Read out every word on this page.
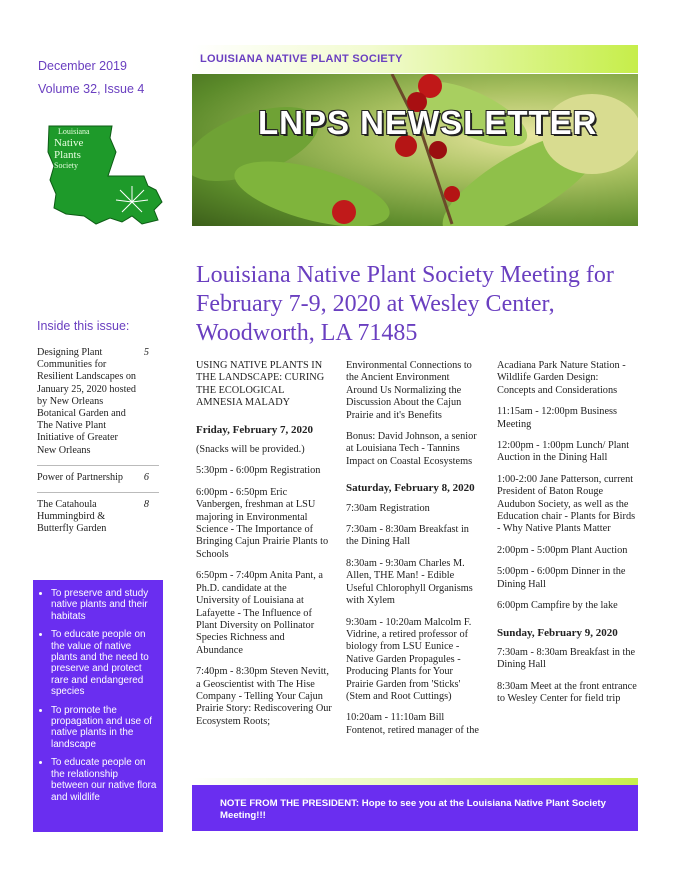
December 2019
Volume 32, Issue 4
Louisiana
Native
Plants
Society
Inside this issue:
Designing Plant Communities for Resilient Landscapes on January 25, 2020 hosted by New Orleans Botanical Garden and The Native Plant Initiative of Greater New Orleans
5
Power of Partnership	6
The Catahoula Hummingbird & Butterfly Garden
8
• To preserve and study native plants and their habitats
• To educate people on the value of native plants and the need to preserve and protect rare and endangered species
• To promote the propagation and use of native plants in the landscape
• To educate people on the relationship between our native flora and wildlife
LOUISIANA NATIVE PLANT SOCIETY
LNPS NEWSLETTER
Louisiana Native Plant Society Meeting for February 7-9, 2020 at Wesley Center, Woodworth, LA 71485

USING NATIVE PLANTS IN THE LANDSCAPE: CURING THE ECOLOGICAL AMNESIA MALADY

Friday, February 7, 2020

(Snacks will be provided.)

5:30pm - 6:00pm Registration

6:00pm - 6:50pm Eric Vanbergen, freshman at LSU majoring in Environmental Science - The Importance of Bringing Cajun Prairie Plants to Schools

6:50pm - 7:40pm Anita Pant, a Ph.D. candidate at the University of Louisiana at Lafayette - The Influence of Plant Diversity on Pollinator Species Richness and Abundance

7:40pm - 8:30pm Steven Nevitt, a Geoscientist with The Hise Company - Telling Your Cajun Prairie Story: Rediscovering Our Ecosystem Roots;

Environmental Connections to the Ancient Environment Around Us Normalizing the Discussion About the Cajun Prairie and it's Benefits

Bonus: David Johnson, a senior at Louisiana Tech - Tannins Impact on Coastal Ecosystems

Saturday, February 8, 2020

7:30am Registration

7:30am - 8:30am Breakfast in the Dining Hall

8:30am - 9:30am Charles M. Allen, THE Man! - Edible Useful Chlorophyll Organisms with Xylem

9:30am - 10:20am Malcolm F. Vidrine, a retired professor of biology from LSU Eunice - Native Garden Propagules - Producing Plants for Your Prairie Garden from 'Sticks' (Stem and Root Cuttings)

10:20am - 11:10am Bill Fontenot, retired manager of the

Acadiana Park Nature Station - Wildlife Garden Design: Concepts and Considerations

11:15am - 12:00pm Business Meeting

12:00pm - 1:00pm Lunch/ Plant Auction in the Dining Hall

1:00-2:00 Jane Patterson, current President of Baton Rouge Audubon Society, as well as the Education chair - Plants for Birds - Why Native Plants Matter

2:00pm - 5:00pm Plant Auction

5:00pm - 6:00pm Dinner in the Dining Hall

6:00pm Campfire by the lake

Sunday, February 9, 2020

7:30am - 8:30am Breakfast in the Dining Hall

8:30am Meet at the front entrance to Wesley Center for field trip

NOTE FROM THE PRESIDENT: Hope to see you at the Louisiana Native Plant Society Meeting!!!
